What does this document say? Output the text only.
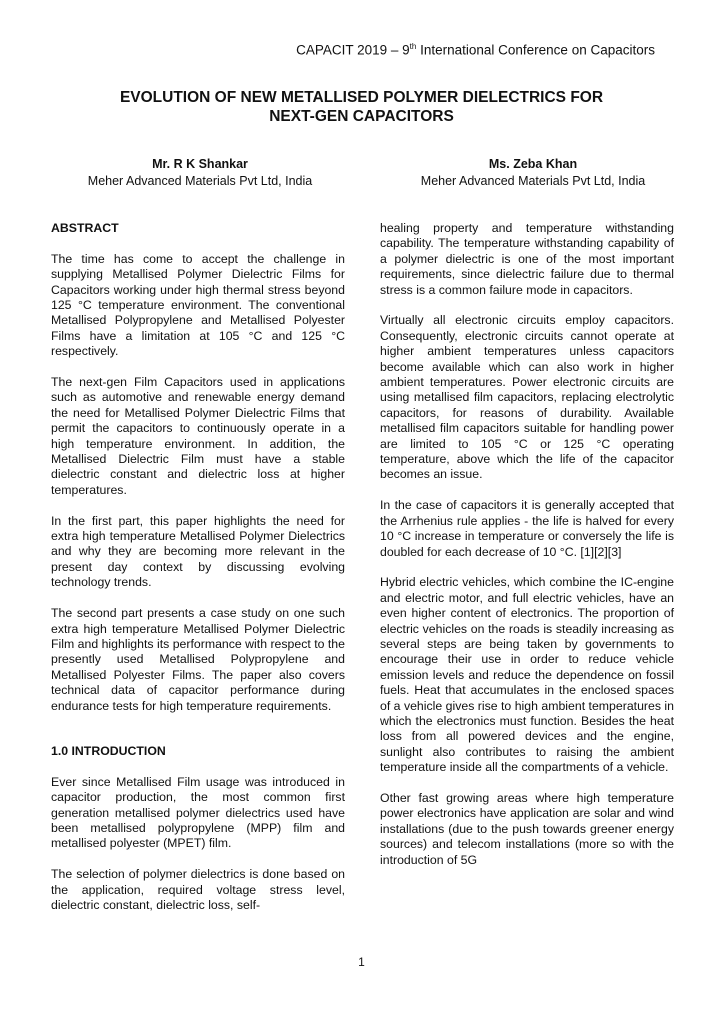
CAPACIT 2019 – 9th International Conference on Capacitors
EVOLUTION OF NEW METALLISED POLYMER DIELECTRICS FOR
NEXT-GEN CAPACITORS
Mr. R K Shankar
Meher Advanced Materials Pvt Ltd, India
Ms. Zeba Khan
Meher Advanced Materials Pvt Ltd, India
ABSTRACT

The time has come to accept the challenge in supplying Metallised Polymer Dielectric Films for Capacitors working under high thermal stress beyond 125 °C temperature environment. The conventional Metallised Polypropylene and Metallised Polyester Films have a limitation at 105 °C and 125 °C respectively.

The next-gen Film Capacitors used in applications such as automotive and renewable energy demand the need for Metallised Polymer Dielectric Films that permit the capacitors to continuously operate in a high temperature environment. In addition, the Metallised Dielectric Film must have a stable dielectric constant and dielectric loss at higher temperatures.

In the first part, this paper highlights the need for extra high temperature Metallised Polymer Dielectrics and why they are becoming more relevant in the present day context by discussing evolving technology trends.

The second part presents a case study on one such extra high temperature Metallised Polymer Dielectric Film and highlights its performance with respect to the presently used Metallised Polypropylene and Metallised Polyester Films. The paper also covers technical data of capacitor performance during endurance tests for high temperature requirements.

1.0 INTRODUCTION

Ever since Metallised Film usage was introduced in capacitor production, the most common first generation metallised polymer dielectrics used have been metallised polypropylene (MPP) film and metallised polyester (MPET) film.

The selection of polymer dielectrics is done based on the application, required voltage stress level, dielectric constant, dielectric loss, self-

healing property and temperature withstanding capability. The temperature withstanding capability of a polymer dielectric is one of the most important requirements, since dielectric failure due to thermal stress is a common failure mode in capacitors.

Virtually all electronic circuits employ capacitors. Consequently, electronic circuits cannot operate at higher ambient temperatures unless capacitors become available which can also work in higher ambient temperatures. Power electronic circuits are using metallised film capacitors, replacing electrolytic capacitors, for reasons of durability. Available metallised film capacitors suitable for handling power are limited to 105 °C or 125 °C operating temperature, above which the life of the capacitor becomes an issue.

In the case of capacitors it is generally accepted that the Arrhenius rule applies - the life is halved for every 10 °C increase in temperature or conversely the life is doubled for each decrease of 10 °C. [1][2][3]

Hybrid electric vehicles, which combine the IC-engine and electric motor, and full electric vehicles, have an even higher content of electronics. The proportion of electric vehicles on the roads is steadily increasing as several steps are being taken by governments to encourage their use in order to reduce vehicle emission levels and reduce the dependence on fossil fuels. Heat that accumulates in the enclosed spaces of a vehicle gives rise to high ambient temperatures in which the electronics must function. Besides the heat loss from all powered devices and the engine, sunlight also contributes to raising the ambient temperature inside all the compartments of a vehicle.

Other fast growing areas where high temperature power electronics have application are solar and wind installations (due to the push towards greener energy sources) and telecom installations (more so with the introduction of 5G

1
